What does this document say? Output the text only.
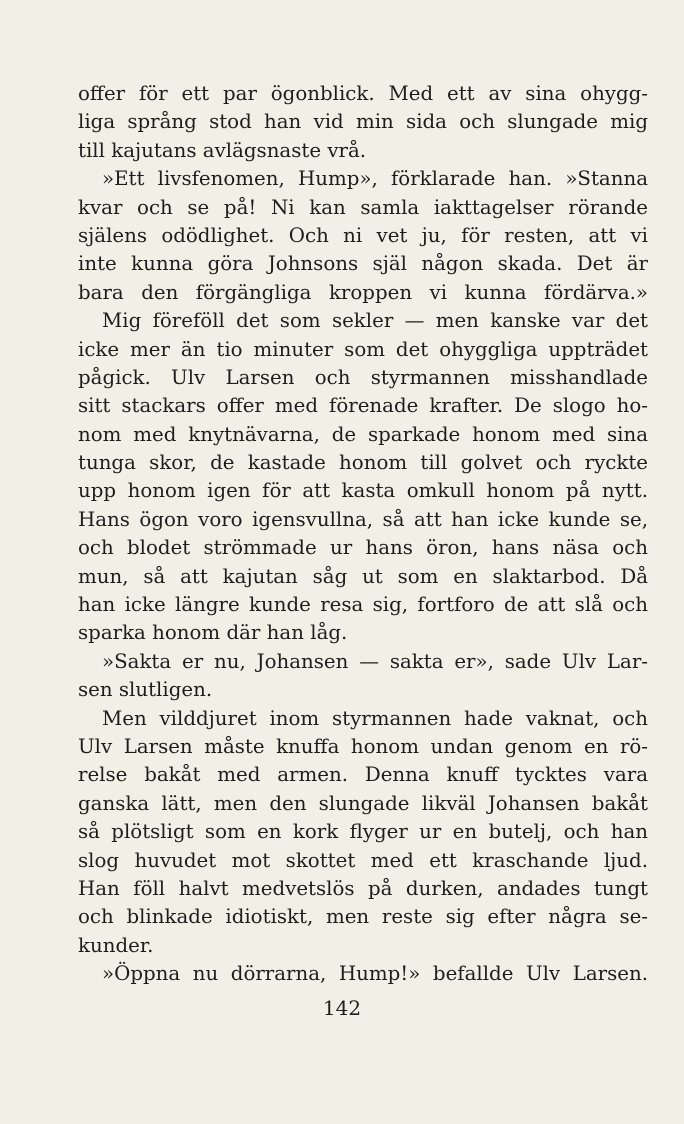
offer för ett par ögonblick. Med ett av sina ohygg-
liga språng stod han vid min sida och slungade mig
till kajutans avlägsnaste vrå.
»Ett livsfenomen, Hump», förklarade han. »Stanna
kvar och se på! Ni kan samla iakttagelser rörande
själens odödlighet. Och ni vet ju, för resten, att vi
inte kunna göra Johnsons själ någon skada. Det är
bara den förgängliga kroppen vi kunna fördärva.»
Mig föreföll det som sekler — men kanske var det
icke mer än tio minuter som det ohyggliga uppträdet
pågick. Ulv Larsen och styrmannen misshandlade
sitt stackars offer med förenade krafter. De slogo ho-
nom med knytnävarna, de sparkade honom med sina
tunga skor, de kastade honom till golvet och ryckte
upp honom igen för att kasta omkull honom på nytt.
Hans ögon voro igensvullna, så att han icke kunde se,
och blodet strömmade ur hans öron, hans näsa och
mun, så att kajutan såg ut som en slaktarbod. Då
han icke längre kunde resa sig, fortforo de att slå och
sparka honom där han låg.
»Sakta er nu, Johansen — sakta er», sade Ulv Lar-
sen slutligen.
Men vilddjuret inom styrmannen hade vaknat, och
Ulv Larsen måste knuffa honom undan genom en rö-
relse bakåt med armen. Denna knuff tycktes vara
ganska lätt, men den slungade likväl Johansen bakåt
så plötsligt som en kork flyger ur en butelj, och han
slog huvudet mot skottet med ett kraschande ljud.
Han föll halvt medvetslös på durken, andades tungt
och blinkade idiotiskt, men reste sig efter några se-
kunder.
»Öppna nu dörrarna, Hump!» befallde Ulv Larsen.
142
